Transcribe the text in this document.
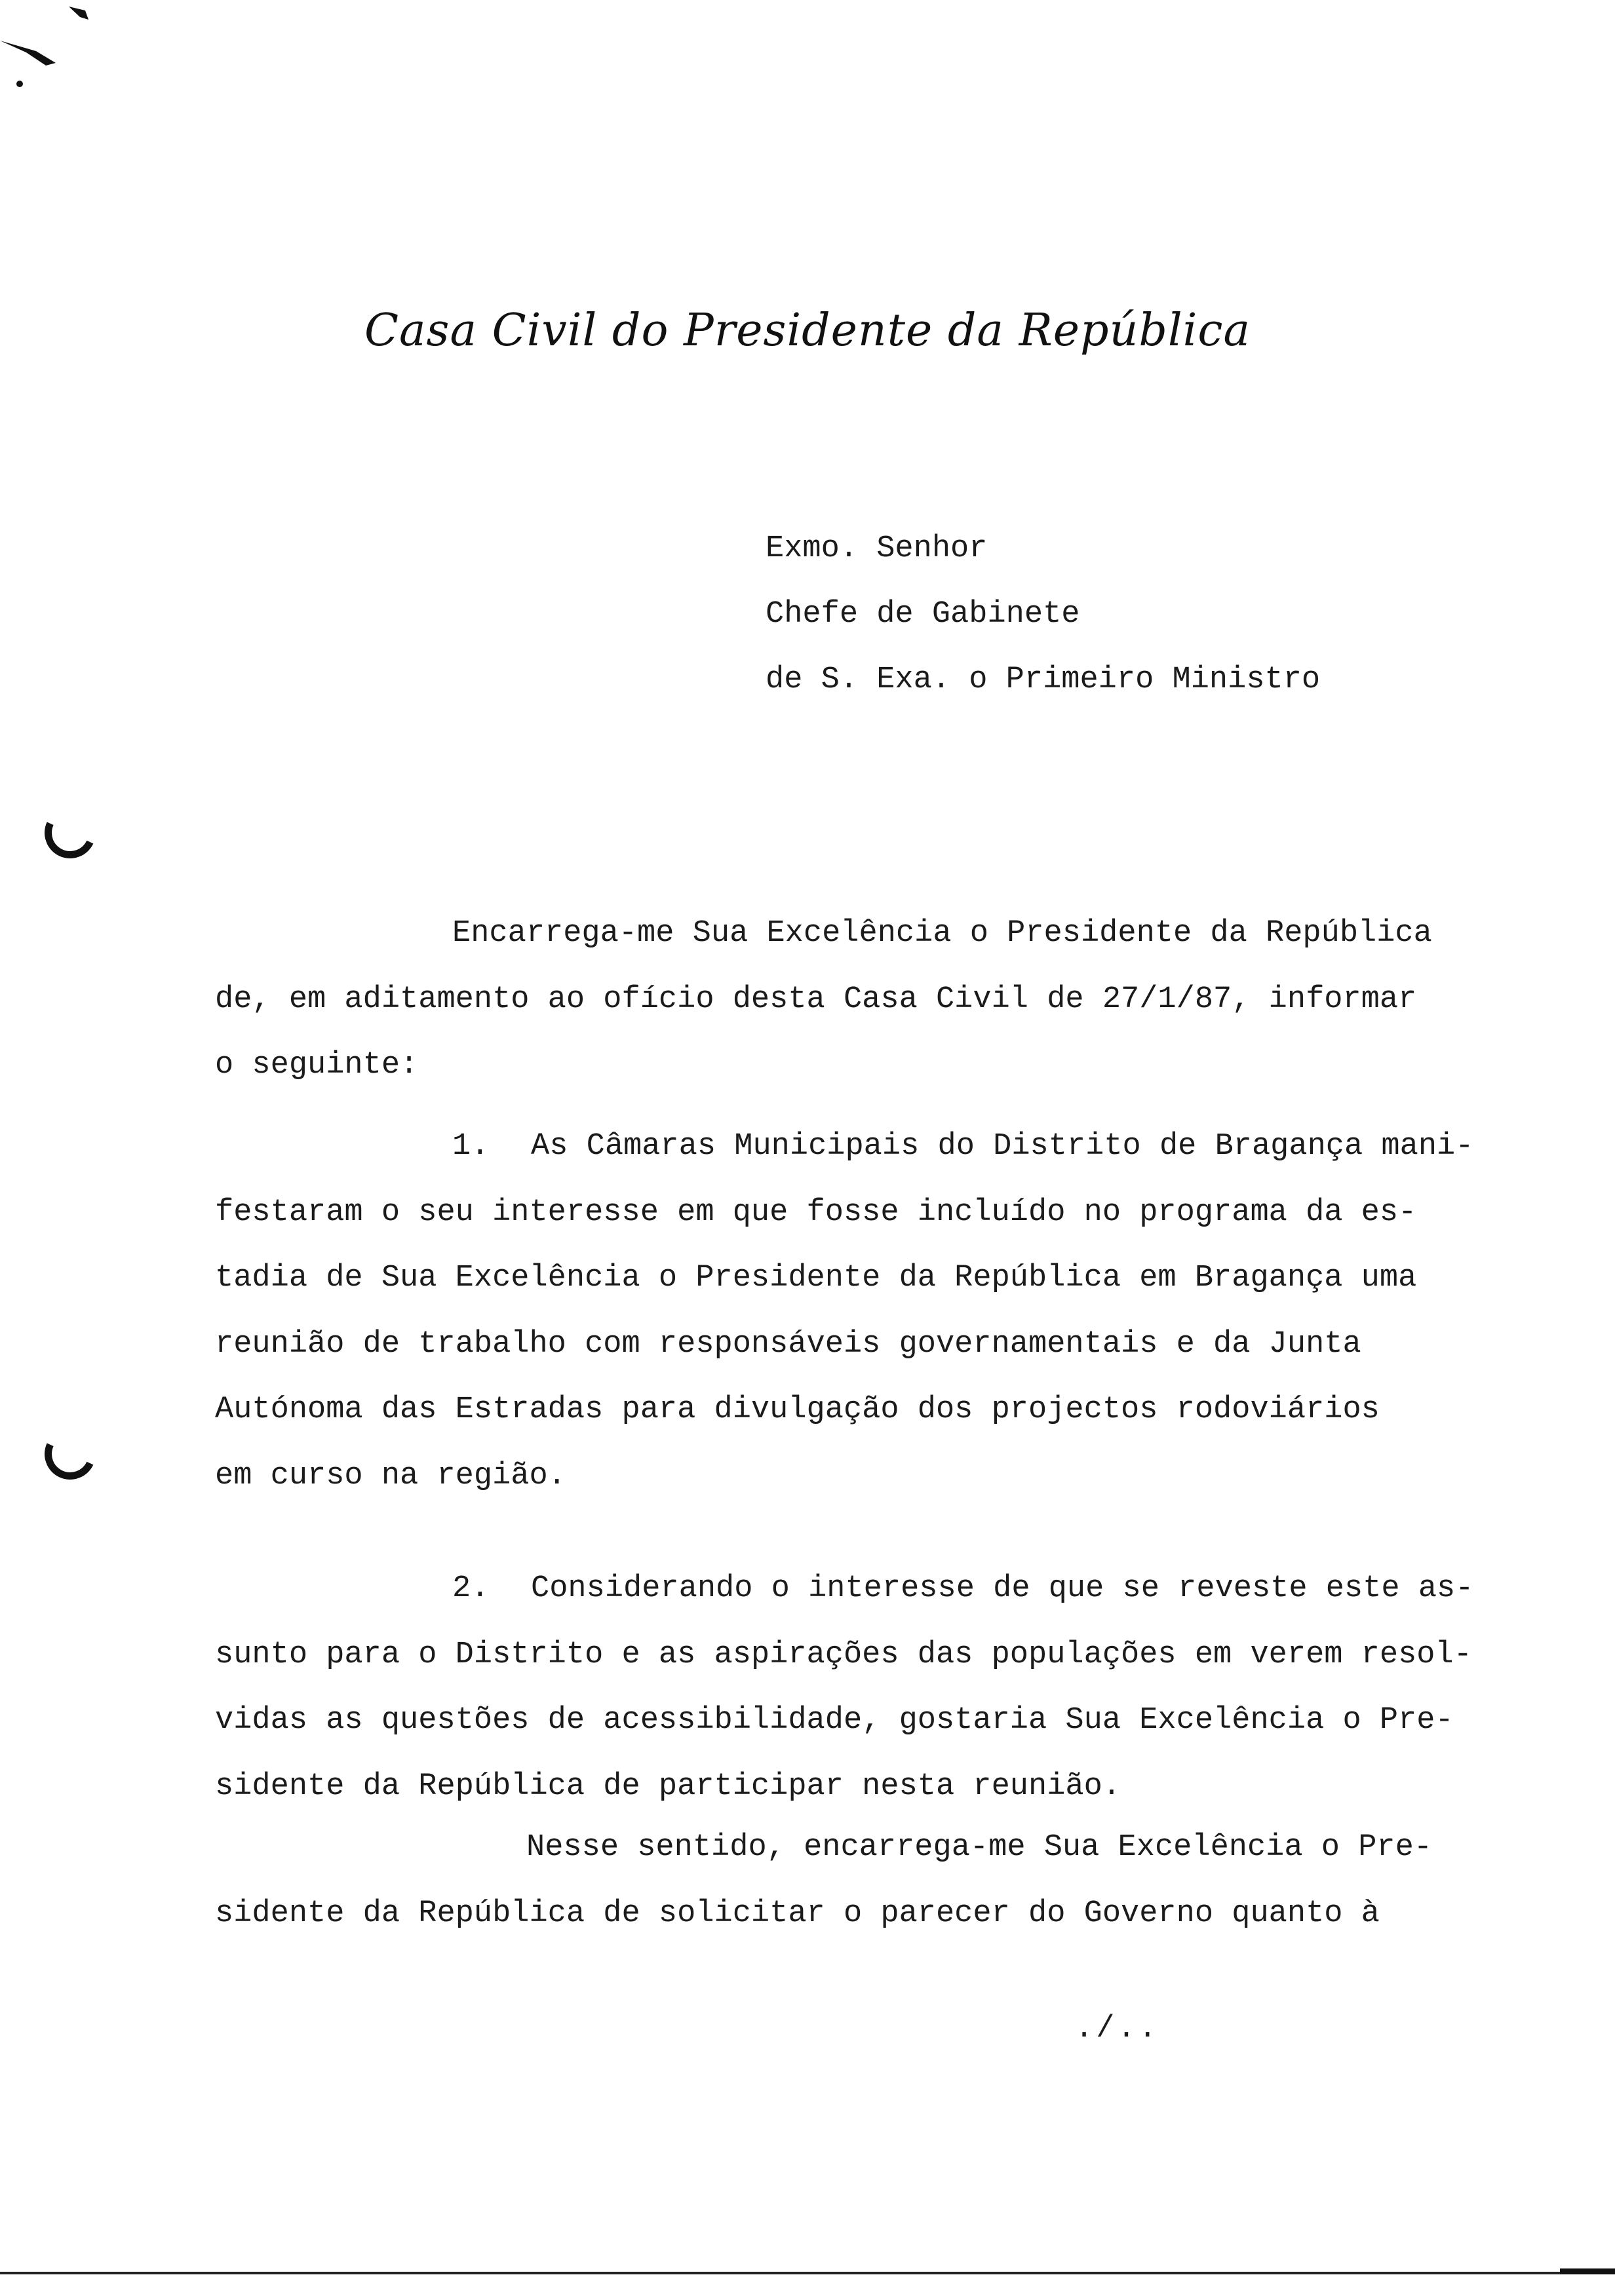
Casa Civil do Presidente da República
Exmo. Senhor
Chefe de Gabinete
de S. Exa. o Primeiro Ministro
Encarrega-me Sua Excelência o Presidente da República
de, em aditamento ao ofício desta Casa Civil de 27/1/87, informar
o seguinte:
1. As Câmaras Municipais do Distrito de Bragança mani-
festaram o seu interesse em que fosse incluído no programa da es-
tadia de Sua Excelência o Presidente da República em Bragança uma
reunião de trabalho com responsáveis governamentais e da Junta
Autónoma das Estradas para divulgação dos projectos rodoviários
em curso na região.
2. Considerando o interesse de que se reveste este as-
sunto para o Distrito e as aspirações das populações em verem resol-
vidas as questões de acessibilidade, gostaria Sua Excelência o Pre-
sidente da República de participar nesta reunião.
Nesse sentido, encarrega-me Sua Excelência o Pre-
sidente da República de solicitar o parecer do Governo quanto à
./..
